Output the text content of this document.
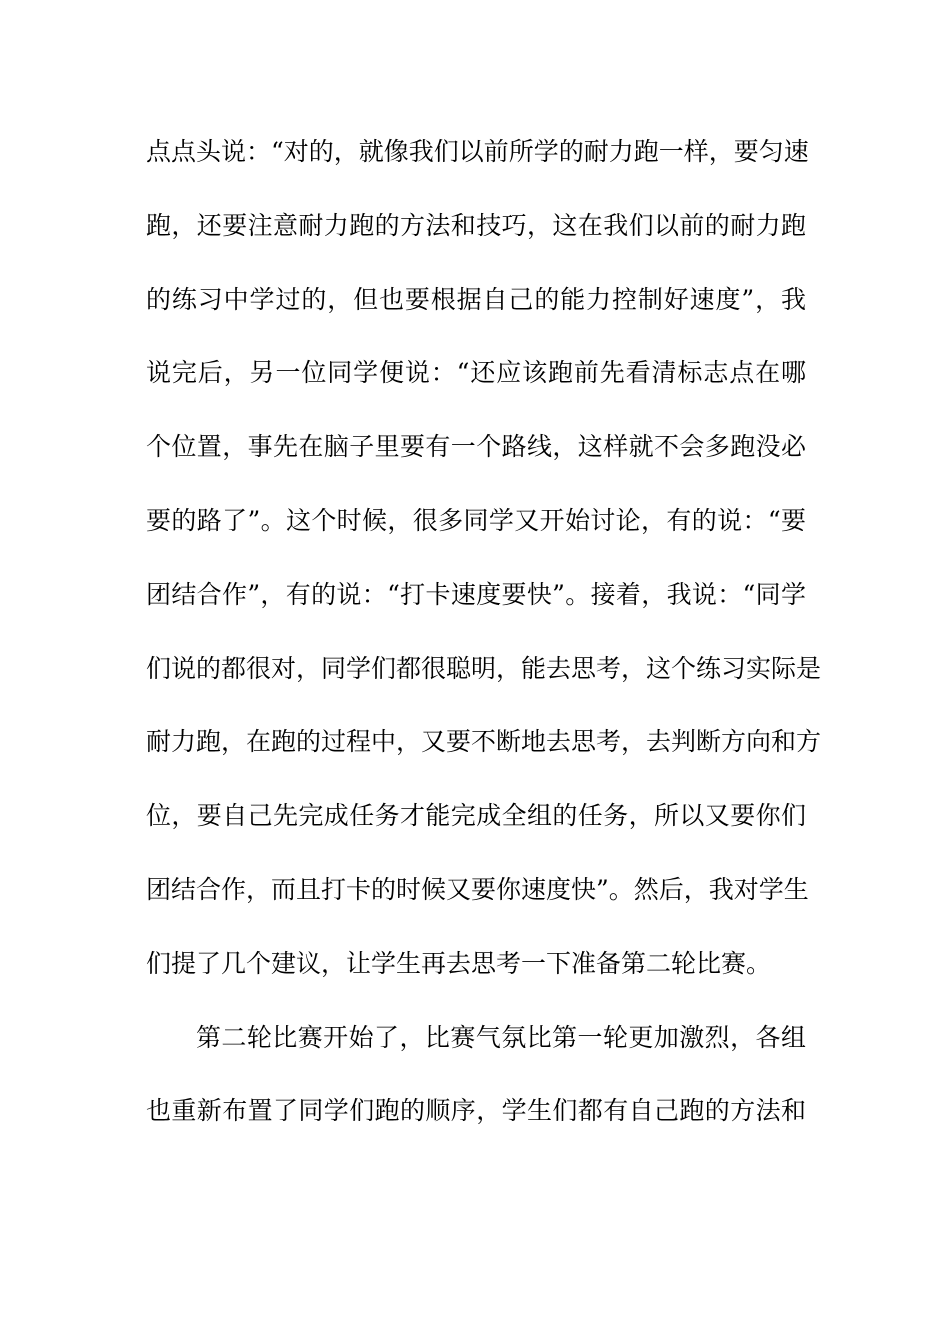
点点头说：“对的，就像我们以前所学的耐力跑一样，要匀速
跑，还要注意耐力跑的方法和技巧，这在我们以前的耐力跑
的练习中学过的，但也要根据自己的能力控制好速度”，我
说完后，另一位同学便说：“还应该跑前先看清标志点在哪
个位置，事先在脑子里要有一个路线，这样就不会多跑没必
要的路了”。这个时候，很多同学又开始讨论，有的说：“要
团结合作”，有的说：“打卡速度要快”。接着，我说：“同学
们说的都很对，同学们都很聪明，能去思考，这个练习实际是
耐力跑，在跑的过程中，又要不断地去思考，去判断方向和方
位，要自己先完成任务才能完成全组的任务，所以又要你们
团结合作，而且打卡的时候又要你速度快”。然后，我对学生
们提了几个建议，让学生再去思考一下准备第二轮比赛。
第二轮比赛开始了，比赛气氛比第一轮更加激烈，各组
也重新布置了同学们跑的顺序，学生们都有自己跑的方法和
